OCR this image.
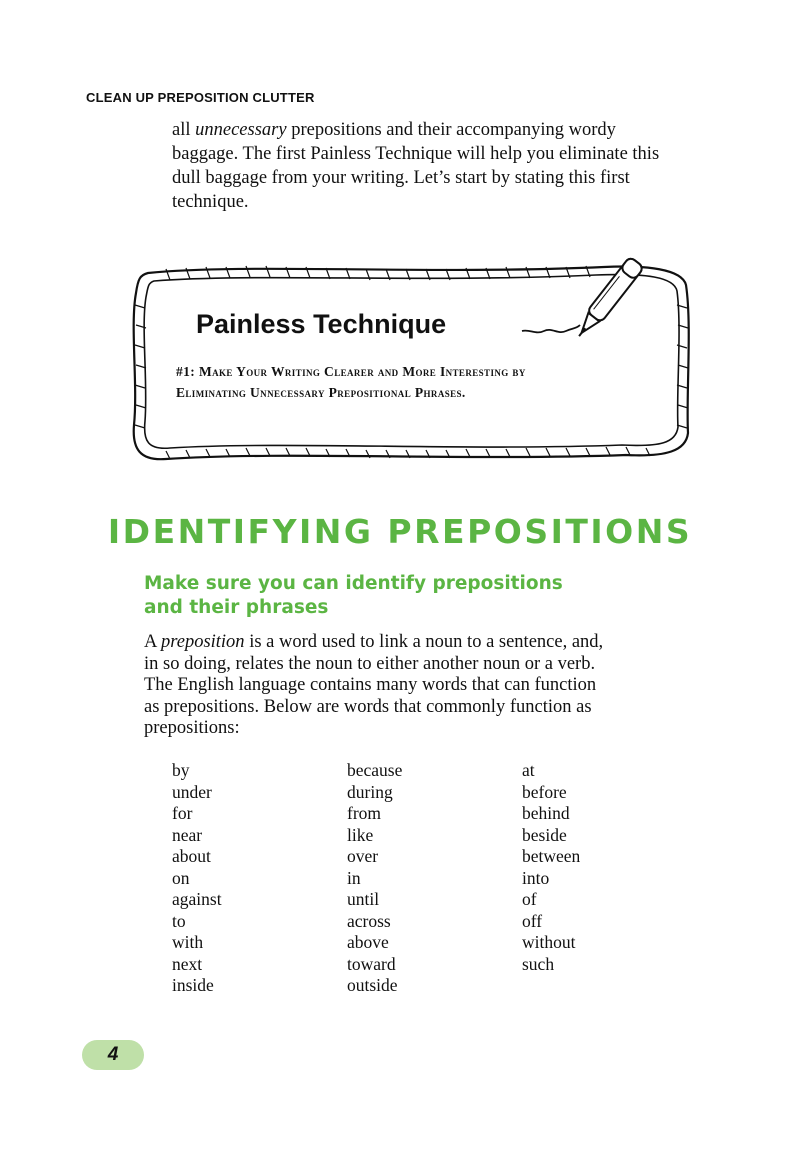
CLEAN UP PREPOSITION CLUTTER

all unnecessary prepositions and their accompanying wordy

baggage. The first Painless Technique will help you eliminate this

dull baggage from your writing. Let’s start by stating this first

technique.

Painless Technique
#1: Make Your Writing Clearer and More Interesting by
Eliminating Unnecessary Prepositional Phrases.
IDENTIFYING PREPOSITIONS
Make sure you can identify prepositions
and their phrases

A preposition is a word used to link a noun to a sentence, and,

in so doing, relates the noun to either another noun or a verb.

The English language contains many words that can function

as prepositions. Below are words that commonly function as

prepositions:

by
under
for
near
about
on
against
to
with
next
inside
because
during
from
like
over
in
until
across
above
toward
outside
at
before
behind
beside
between
into
of
off
without
such
4
